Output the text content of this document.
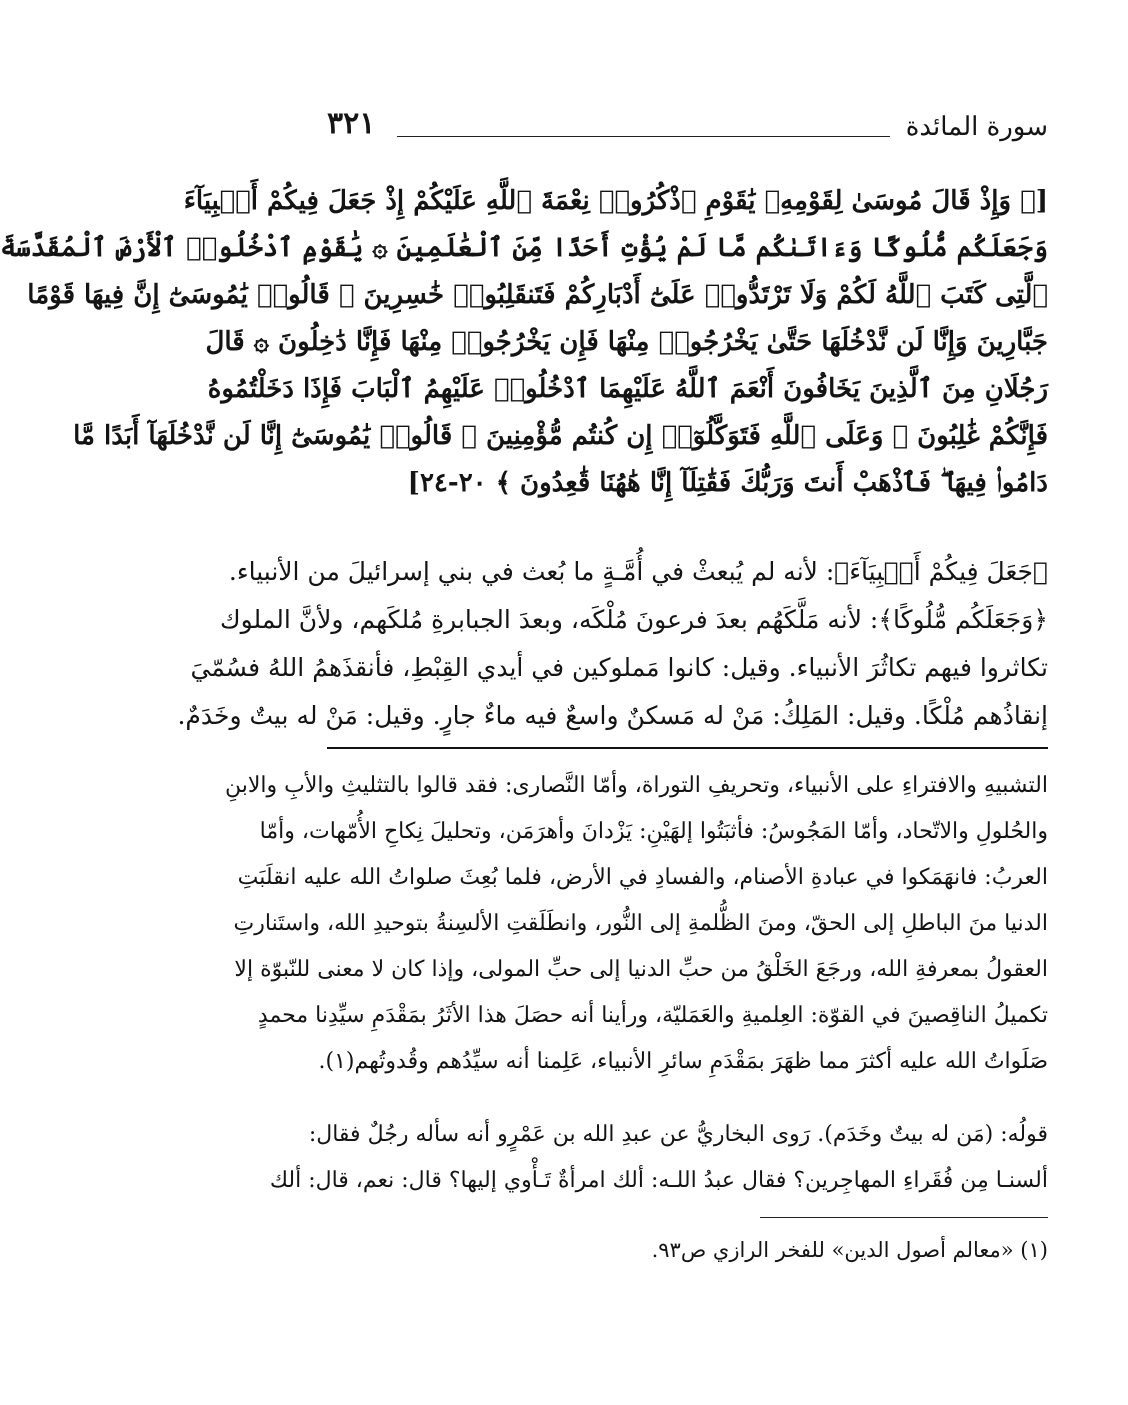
سورة المائدة
٣٢١
[﴿ وَإِذْ قَالَ مُوسَىٰ لِقَوْمِهِۦ يَٰقَوْمِ ٱذْكُرُوا۟ نِعْمَةَ ٱللَّهِ عَلَيْكُمْ إِذْ جَعَلَ فِيكُمْ أَنۢبِيَآءَ
وَجَعَلَكُم مُّلُوكًا وَءَاتَىٰكُم مَّا لَمْ يُؤْتِ أَحَدًا مِّنَ ٱلْعَٰلَمِينَ ۞ يَٰقَوْمِ ٱدْخُلُوا۟ ٱلْأَرْضَ ٱلْمُقَدَّسَةَ
ٱلَّتِى كَتَبَ ٱللَّهُ لَكُمْ وَلَا تَرْتَدُّوا۟ عَلَىٰٓ أَدْبَارِكُمْ فَتَنقَلِبُوا۟ خَٰسِرِينَ ۞ قَالُوا۟ يَٰمُوسَىٰٓ إِنَّ فِيهَا قَوْمًا
جَبَّارِينَ وَإِنَّا لَن نَّدْخُلَهَا حَتَّىٰ يَخْرُجُوا۟ مِنْهَا فَإِن يَخْرُجُوا۟ مِنْهَا فَإِنَّا دَٰخِلُونَ ۞ قَالَ
رَجُلَانِ مِنَ ٱلَّذِينَ يَخَافُونَ أَنْعَمَ ٱللَّهُ عَلَيْهِمَا ٱدْخُلُوا۟ عَلَيْهِمُ ٱلْبَابَ فَإِذَا دَخَلْتُمُوهُ
فَإِنَّكُمْ غَٰلِبُونَ ۚ وَعَلَى ٱللَّهِ فَتَوَكَّلُوٓا۟ إِن كُنتُم مُّؤْمِنِينَ ۞ قَالُوا۟ يَٰمُوسَىٰٓ إِنَّا لَن نَّدْخُلَهَآ أَبَدًا مَّا
دَامُوا۟ فِيهَا ۖ فَٱذْهَبْ أَنتَ وَرَبُّكَ فَقَٰتِلَآ إِنَّا هَٰهُنَا قَٰعِدُونَ ﴾ ٢٠-٢٤]
﴿جَعَلَ فِيكُمْ أَنۢبِيَآءَ﴾: لأنه لم يُبعثْ في أُمَّـةٍ ما بُعث في بني إسرائيلَ من الأنبياء.
﴿وَجَعَلَكُم مُّلُوكًا﴾: لأنه مَلَّكَهُم بعدَ فرعونَ مُلْكَه، وبعدَ الجبابرةِ مُلكَهم، ولأنَّ الملوك
تكاثروا فيهم تكاثُرَ الأنبياء. وقيل: كانوا مَملوكين في أيدي القِبْطِ، فأنقذَهمُ اللهُ فسُمّيَ
إنقاذُهم مُلْكًا. وقيل: المَلِكُ: مَنْ له مَسكنٌ واسعٌ فيه ماءٌ جارٍ. وقيل: مَنْ له بيتٌ وخَدَمٌ.
التشبيهِ والافتراءِ على الأنبياء، وتحريفِ التوراة، وأمّا النَّصارى: فقد قالوا بالتثليثِ والأبِ والابنِ
والحُلولِ والاتّحاد، وأمّا المَجُوسُ: فأثبَتُوا إلهَيْنِ: يَزْدانَ وأهرَمَن، وتحليلَ نِكاحِ الأُمّهات، وأمّا
العربُ: فانهَمَكوا في عبادةِ الأصنام، والفسادِ في الأرض، فلما بُعِثَ صلواتُ الله عليه انقلَبَتِ
الدنيا منَ الباطلِ إلى الحقّ، ومنَ الظُّلمةِ إلى النُّور، وانطَلَقتِ الألسِنةُ بتوحيدِ الله، واستَنارتِ
العقولُ بمعرفةِ الله، ورجَعَ الخَلْقُ من حبِّ الدنيا إلى حبِّ المولى، وإذا كان لا معنى للنّبوّة إلا
تكميلُ الناقِصينَ في القوّة: العِلميةِ والعَمَليّة، ورأينا أنه حصَلَ هذا الأثَرُ بمَقْدَمِ سيِّدِنا محمدٍ
صَلَواتُ الله عليه أكثرَ مما ظهَرَ بمَقْدَمِ سائرِ الأنبياء، عَلِمنا أنه سيِّدُهم وقُدوتُهم(١).
قولُه: (مَن له بيتٌ وخَدَم). رَوى البخاريُّ عن عبدِ الله بن عَمْرٍو أنه سأله رجُلٌ فقال:
ألسنـا مِن فُقَراءِ المهاجِرين؟ فقال عبدُ اللـه: ألك امرأةٌ تَـأْوي إليها؟ قال: نعم، قال: ألك
(١) «معالم أصول الدين» للفخر الرازي ص٩٣.
